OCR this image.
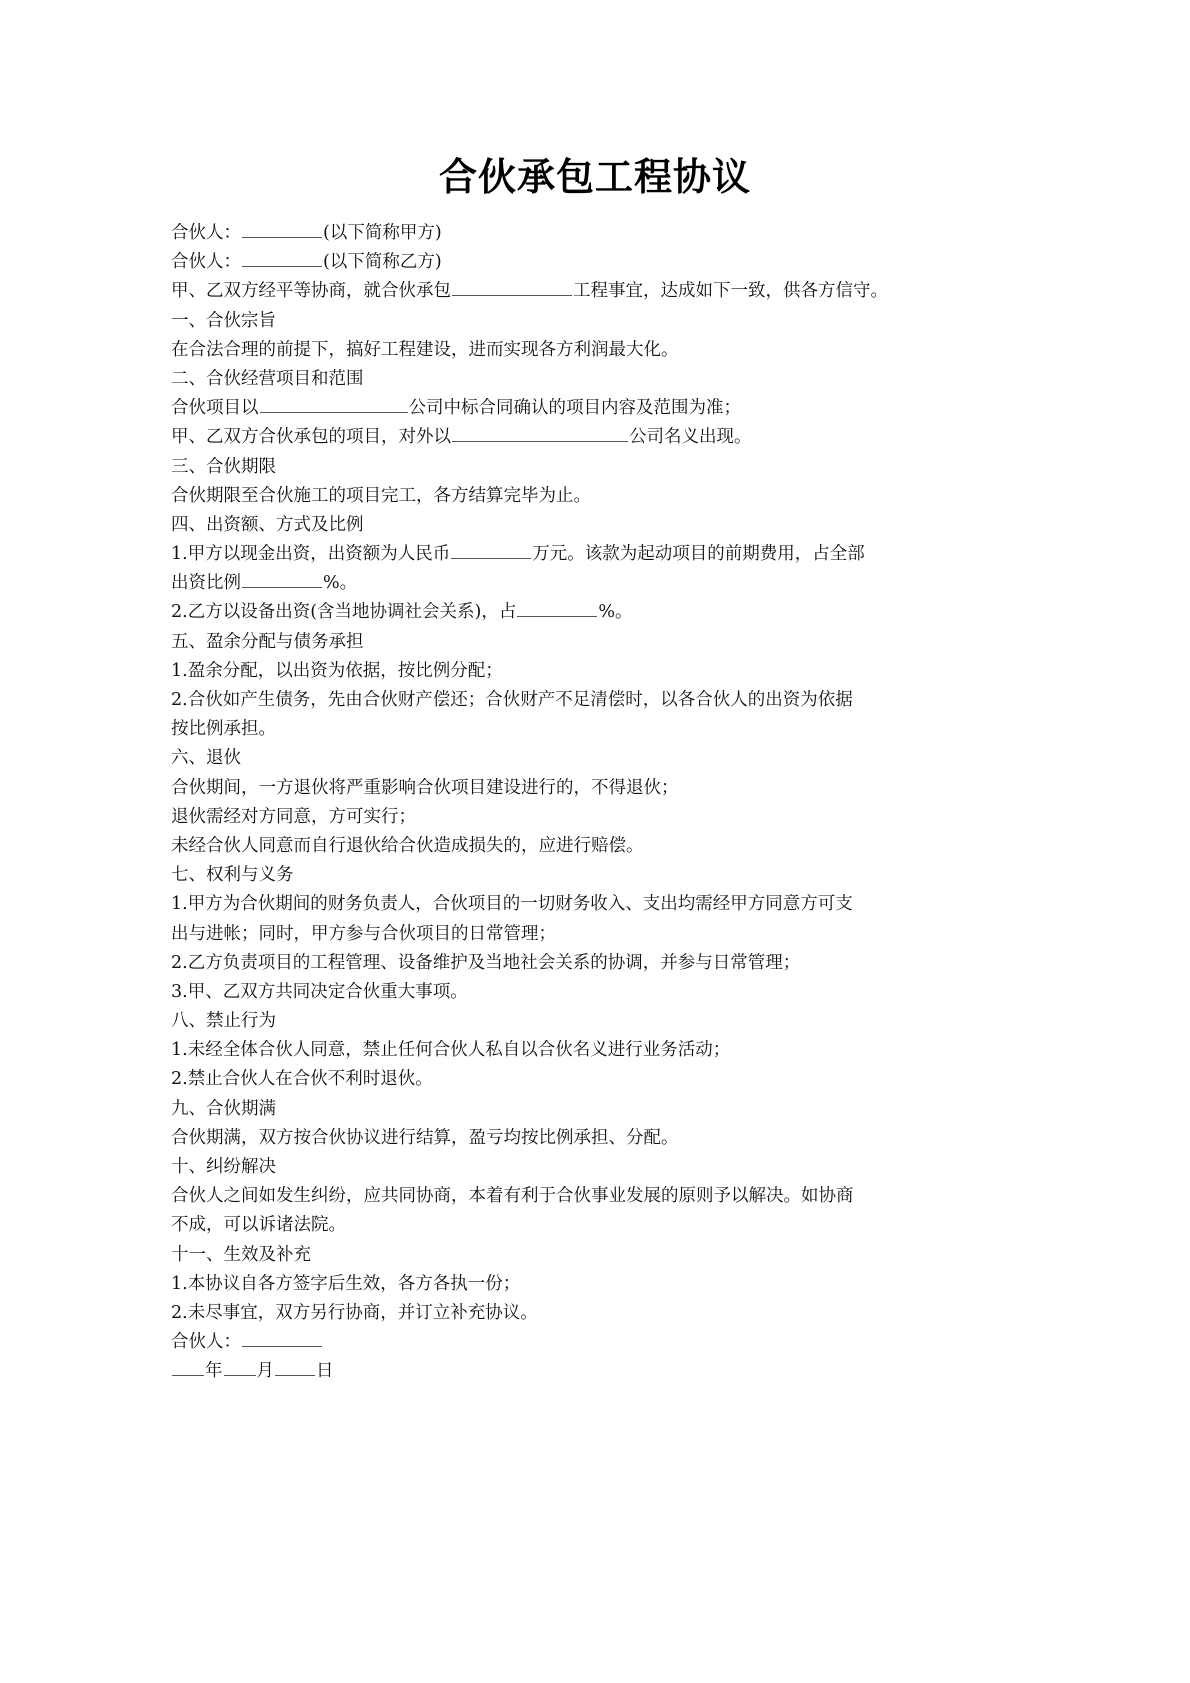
合伙承包工程协议
合伙人：	(以下简称甲方)
合伙人：	(以下简称乙方)
甲、乙双方经平等协商，就合伙承包	工程事宜，达成如下一致，供各方信守。
一、合伙宗旨
在合法合理的前提下，搞好工程建设，进而实现各方利润最大化。
二、合伙经营项目和范围
合伙项目以	公司中标合同确认的项目内容及范围为准；
甲、乙双方合伙承包的项目，对外以	公司名义出现。
三、合伙期限
合伙期限至合伙施工的项目完工，各方结算完毕为止。
四、出资额、方式及比例
1.甲方以现金出资，出资额为人民币	万元。该款为起动项目的前期费用，占全部
出资比例	%。
2.乙方以设备出资(含当地协调社会关系)，占	%。
五、盈余分配与债务承担
1.盈余分配，以出资为依据，按比例分配；
2.合伙如产生债务，先由合伙财产偿还；合伙财产不足清偿时，以各合伙人的出资为依据
按比例承担。
六、退伙
合伙期间，一方退伙将严重影响合伙项目建设进行的，不得退伙；
退伙需经对方同意，方可实行；
未经合伙人同意而自行退伙给合伙造成损失的，应进行赔偿。
七、权利与义务
1.甲方为合伙期间的财务负责人，合伙项目的一切财务收入、支出均需经甲方同意方可支
出与进帐；同时，甲方参与合伙项目的日常管理；
2.乙方负责项目的工程管理、设备维护及当地社会关系的协调，并参与日常管理；
3.甲、乙双方共同决定合伙重大事项。
八、禁止行为
1.未经全体合伙人同意，禁止任何合伙人私自以合伙名义进行业务活动；
2.禁止合伙人在合伙不利时退伙。
九、合伙期满
合伙期满，双方按合伙协议进行结算，盈亏均按比例承担、分配。
十、纠纷解决
合伙人之间如发生纠纷，应共同协商，本着有利于合伙事业发展的原则予以解决。如协商
不成，可以诉诸法院。
十一、生效及补充
1.本协议自各方签字后生效，各方各执一份；
2.未尽事宜，双方另行协商，并订立补充协议。
合伙人：
年 月 日
